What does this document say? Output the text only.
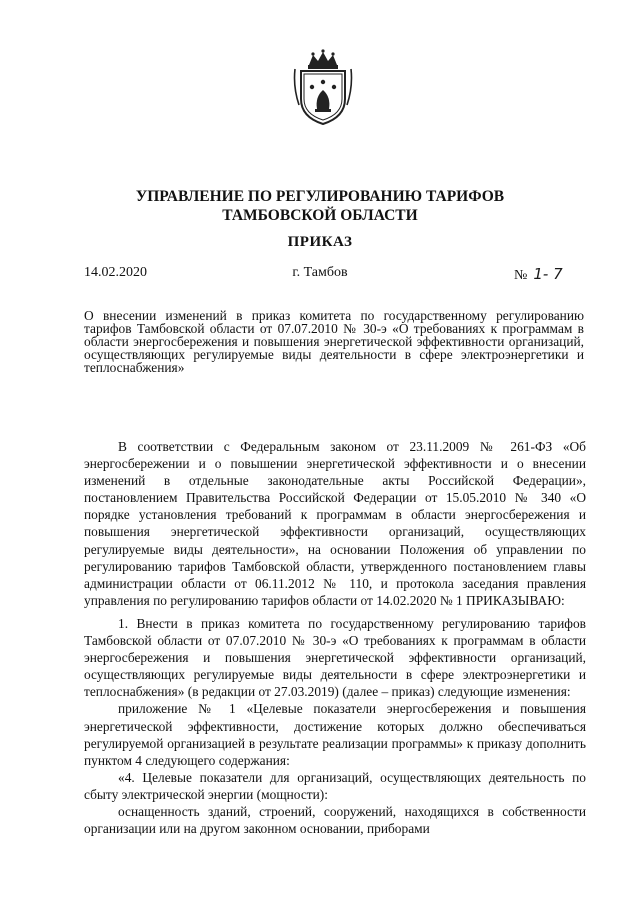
УПРАВЛЕНИЕ ПО РЕГУЛИРОВАНИЮ ТАРИФОВ
ТАМБОВСКОЙ ОБЛАСТИ
ПРИКАЗ
14.02.2020	г. Тамбов	№ 1- 7

О внесении изменений в приказ комитета по государственному регулированию тарифов Тамбовской области от 07.07.2010 № 30-э «О требованиях к программам в области энергосбережения и повышения энергетической эффективности организаций, осуществляющих регулируемые виды деятельности в сфере электроэнергетики и теплоснабжения»

В соответствии с Федеральным законом от 23.11.2009 № 261-ФЗ «Об энергосбережении и о повышении энергетической эффективности и о внесении изменений в отдельные законодательные акты Российской Федерации», постановлением Правительства Российской Федерации от 15.05.2010 № 340 «О порядке установления требований к программам в области энергосбережения и повышения энергетической эффективности организаций, осуществляющих регулируемые виды деятельности», на основании Положения об управлении по регулированию тарифов Тамбовской области, утвержденного постановлением главы администрации области от 06.11.2012 № 110, и протокола заседания правления управления по регулированию тарифов области от 14.02.2020 № 1 ПРИКАЗЫВАЮ:

1. Внести в приказ комитета по государственному регулированию тарифов Тамбовской области от 07.07.2010 № 30-э «О требованиях к программам в области энергосбережения и повышения энергетической эффективности организаций, осуществляющих регулируемые виды деятельности в сфере электроэнергетики и теплоснабжения» (в редакции от 27.03.2019) (далее – приказ) следующие изменения:

приложение № 1 «Целевые показатели энергосбережения и повышения энергетической эффективности, достижение которых должно обеспечиваться регулируемой организацией в результате реализации программы» к приказу дополнить пунктом 4 следующего содержания:

«4. Целевые показатели для организаций, осуществляющих деятельность по сбыту электрической энергии (мощности):

оснащенность зданий, строений, сооружений, находящихся в собственности организации или на другом законном основании, приборами
